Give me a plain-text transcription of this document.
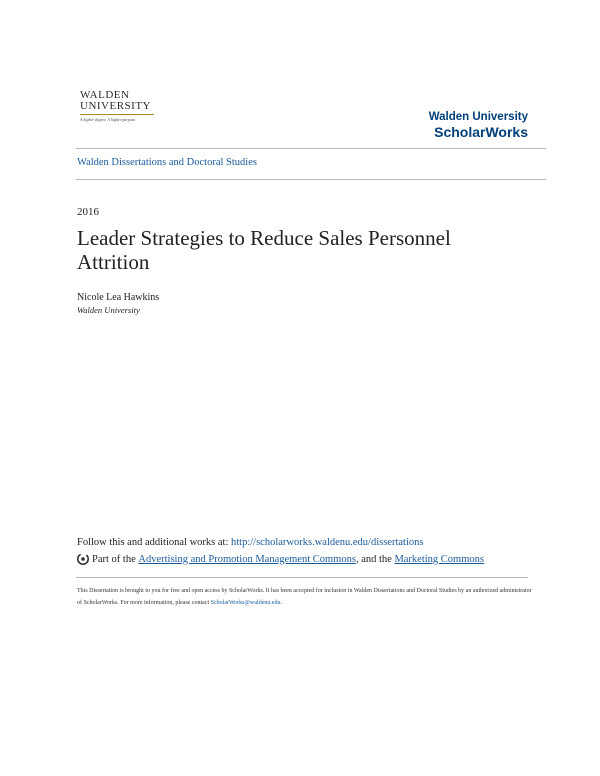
WALDEN
UNIVERSITY
A higher degree. A higher purpose.	Walden University
ScholarWorks
Walden Dissertations and Doctoral Studies
2016
Leader Strategies to Reduce Sales Personnel Attrition
Nicole Lea Hawkins
Walden University
Follow this and additional works at: http://scholarworks.waldenu.edu/dissertations
Part of the
Advertising and Promotion Management Commons , and the
Marketing Commons
This Dissertation is brought to you for free and open access by ScholarWorks. It has been accepted for inclusion in Walden Dissertations and Doctoral Studies by an authorized administrator of ScholarWorks. For more information, please contact ScholarWorks@waldenu.edu.
